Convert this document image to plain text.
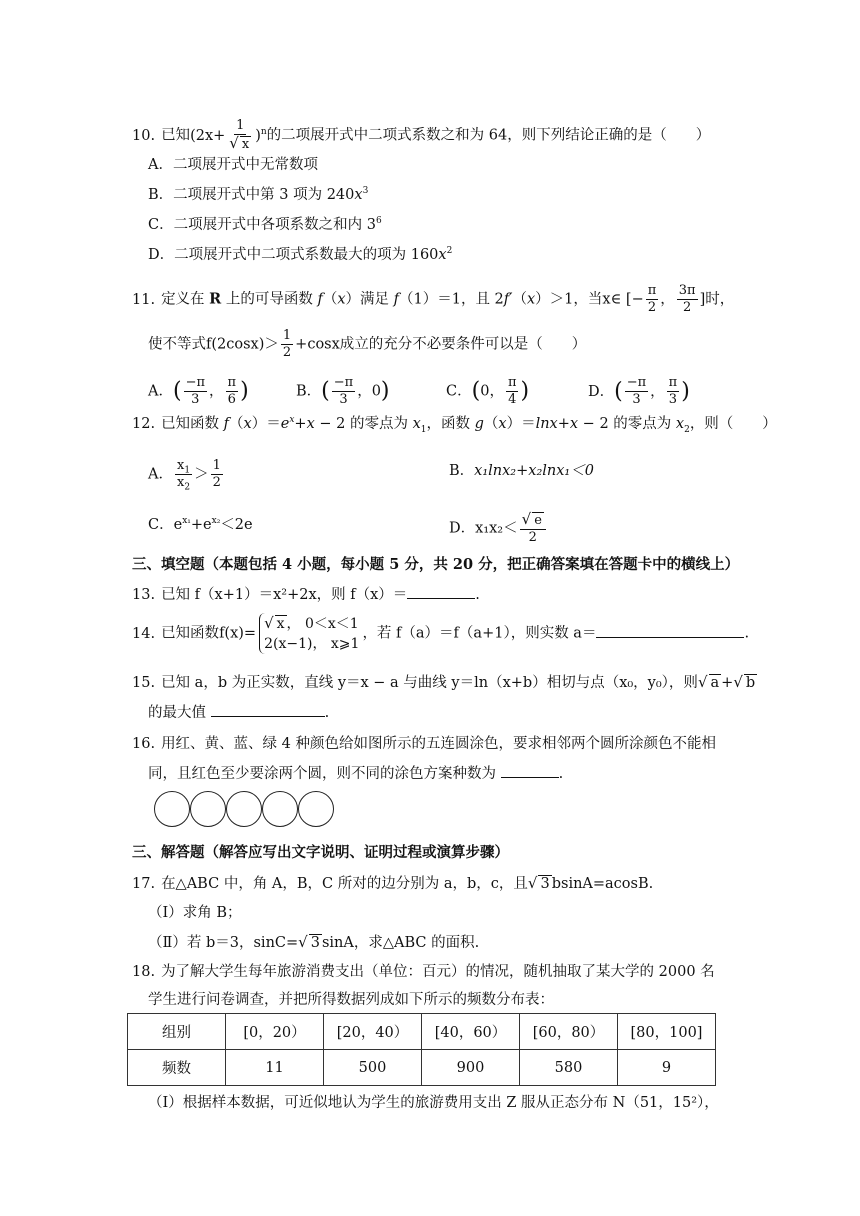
10. 已知$(2x+ \frac{1}{√ x} )^n$的二项展开式中二项式系数之和为 64，则下列结论正确的是（　　）
A．二项展开式中无常数项
B．二项展开式中第 3 项为 $240x^3$
C．二项展开式中各项系数之和内 $3^6$
D．二项展开式中二项式系数最大的项为 $160x^2$
11. 定义在 R 上的可导函数 f（x）满足 f（1）＝1，且 2f′（x）＞1，当x∈ [− $\frac{\pi}{2}$ ， $\frac{3\pi}{2}$ ]时，
使不等式$f(2\cos x)> \frac{1}{2} +\cos x$成立的充分不必要条件可以是（　　）
A．( $\frac{-\pi}{3}$ ， $\frac{\pi}{6}$ )	B．( $\frac{-\pi}{3}$ ，0)	C．(0， $\frac{\pi}{4}$ )	D．( $\frac{-\pi}{3}$ ， $\frac{\pi}{3}$ )
12. 已知函数 $f(x)=e^x+x - 2$ 的零点为 $x_1$，函数 g（x）＝lnx+x − 2 的零点为 $x_2$，则（　　）
A． $\frac{x_1}{x_2} > \frac{1}{2}$	B．x₁lnx₂+x₂lnx₁＜0
C．$e^{x_1}+e^{x_2}<2e$	D．$x_1x_2< \frac{√ e}{2}$
三、填空题（本题包括 4 小题，每小题 5 分，共 20 分，把正确答案填在答题卡中的横线上）
13. 已知 f（x+1）＝x²+2x，则 f（x）＝	.
14. 已知函数f(x)=
√ x ， 0＜x＜1
2(x−1)， x⩾1
，若 f（a）＝f（a+1），则实数 a＝	.
15. 已知 a，b 为正实数，直线 y＝x − a 与曲线 y＝ln（x+b）相切与点（x₀，y₀），则√ a +√ b
的最大值	.
16. 用红、黄、蓝、绿 4 种颜色给如图所示的五连圆涂色，要求相邻两个圆所涂颜色不能相
同，且红色至少要涂两个圆，则不同的涂色方案种数为	.
三、解答题（解答应写出文字说明、证明过程或演算步骤）
17. 在△ABC 中，角 A，B，C 所对的边分别为 a，b，c，且√ 3 bsinA=acosB.
（Ⅰ）求角 B；
（Ⅱ）若 b＝3，sinC=√ 3 sinA，求△ABC 的面积.
18. 为了解大学生每年旅游消费支出（单位：百元）的情况，随机抽取了某大学的 2000 名
学生进行问卷调查，并把所得数据列成如下所示的频数分布表：
组别	[0，20）	[20，40）	[40，60）	[60，80）	[80，100]
频数	11	500	900	580	9
（Ⅰ）根据样本数据，可近似地认为学生的旅游费用支出 Z 服从正态分布 N（51，15²），
